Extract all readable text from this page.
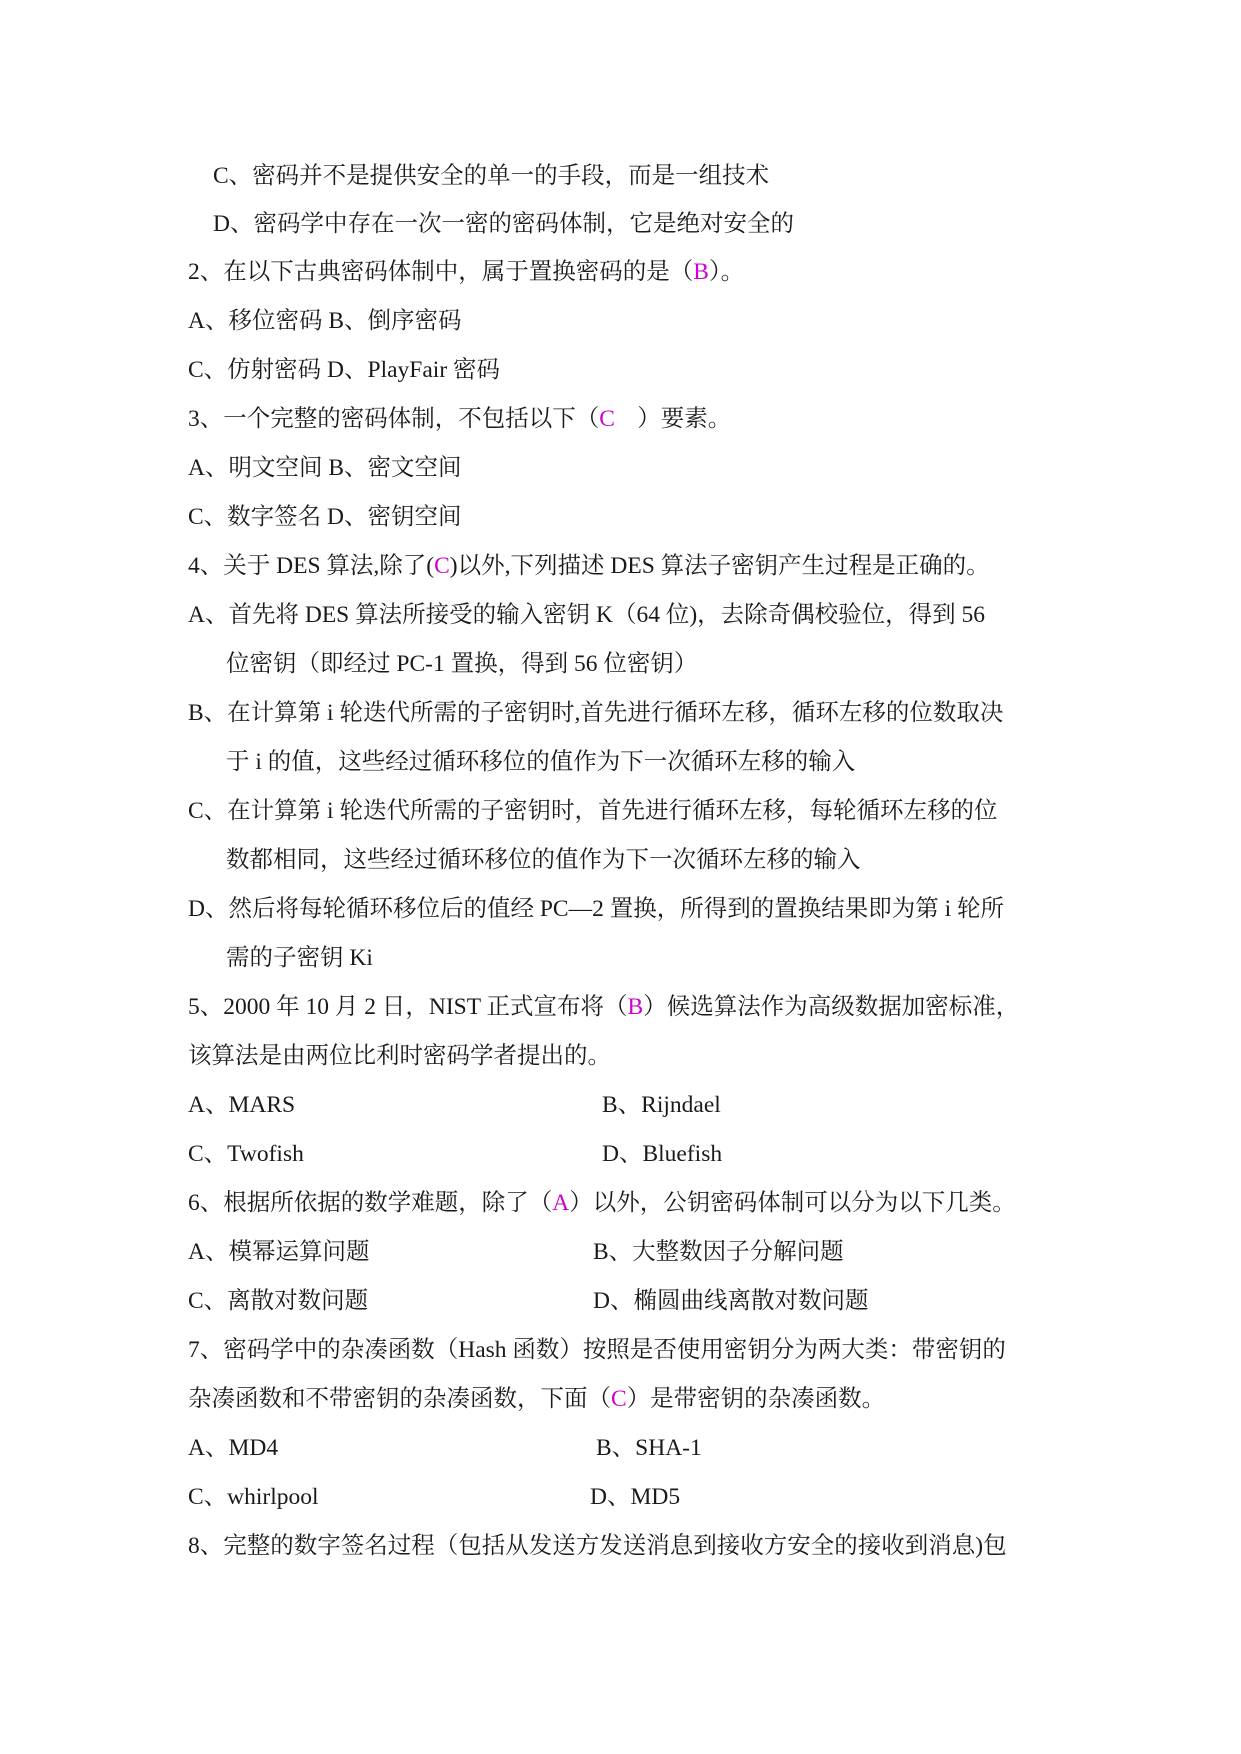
C、密码并不是提供安全的单一的手段，而是一组技术
D、密码学中存在一次一密的密码体制，它是绝对安全的
2、在以下古典密码体制中，属于置换密码的是（B）。
A、移位密码 B、倒序密码
C、仿射密码 D、PlayFair 密码
3、一个完整的密码体制，不包括以下（C ）要素。
A、明文空间 B、密文空间
C、数字签名 D、密钥空间
4、关于 DES 算法,除了(C)以外,下列描述 DES 算法子密钥产生过程是正确的。
A、首先将 DES 算法所接受的输入密钥 K（64 位)，去除奇偶校验位，得到 56
位密钥（即经过 PC-1 置换，得到 56 位密钥）
B、在计算第 i 轮迭代所需的子密钥时,首先进行循环左移，循环左移的位数取决
于 i 的值，这些经过循环移位的值作为下一次循环左移的输入
C、在计算第 i 轮迭代所需的子密钥时，首先进行循环左移，每轮循环左移的位
数都相同，这些经过循环移位的值作为下一次循环左移的输入
D、然后将每轮循环移位后的值经 PC—2 置换，所得到的置换结果即为第 i 轮所
需的子密钥 Ki
5、2000 年 10 月 2 日，NIST 正式宣布将（B）候选算法作为高级数据加密标准，
该算法是由两位比利时密码学者提出的。
A、MARS	B、Rijndael
C、Twofish	D、Bluefish
6、根据所依据的数学难题，除了（A）以外，公钥密码体制可以分为以下几类。
A、模幂运算问题	B、大整数因子分解问题
C、离散对数问题	D、椭圆曲线离散对数问题
7、密码学中的杂凑函数（Hash 函数）按照是否使用密钥分为两大类：带密钥的
杂凑函数和不带密钥的杂凑函数，下面（C）是带密钥的杂凑函数。
A、MD4	B、SHA-1
C、whirlpool	D、MD5
8、完整的数字签名过程（包括从发送方发送消息到接收方安全的接收到消息)包
